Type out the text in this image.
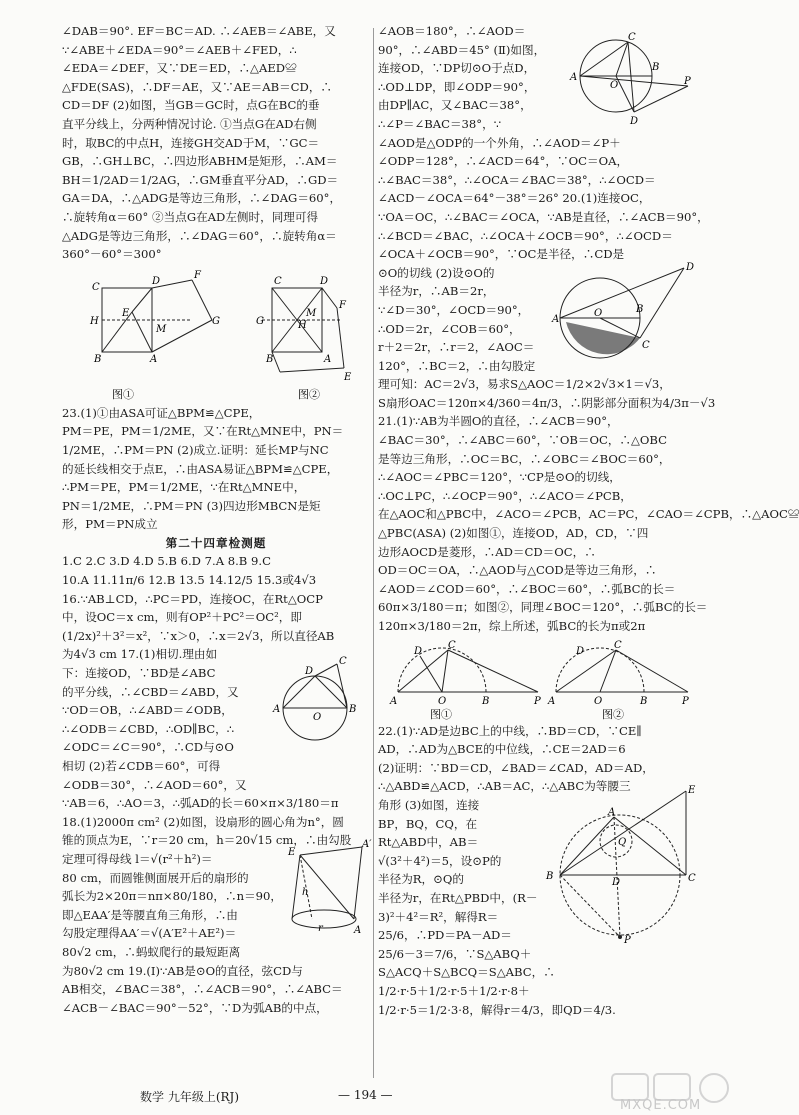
∠DAB＝90°. EF＝BC＝AD. ∴∠AEB＝∠ABE，又
∵∠ABE＋∠EDA＝90°＝∠AEB＋∠FED，∴
∠EDA＝∠DEF，又∵DE＝ED，∴△AED≌
△FDE(SAS)，∴DF＝AE，又∵AE＝AB＝CD，∴
CD＝DF (2)如图，当GB＝GC时，点G在BC的垂
直平分线上，分两种情况讨论. ①当点G在AD右侧
时，取BC的中点H，连接GH交AD于M，∵GC＝
GB，∴GH⊥BC，∴四边形ABHM是矩形，∴AM＝
BH＝1/2AD＝1/2AG，∴GM垂直平分AD，∴GD＝
GA＝DA，∴△ADG是等边三角形，∴∠DAG＝60°，
∴旋转角α＝60° ②当点G在AD左侧时，同理可得
△ADG是等边三角形，∴∠DAG＝60°，∴旋转角α＝
360°－60°＝300°
C
D
F
H
E
M
G
B	A
C	D
F
G
M
H
B	A
E
图①	图②
23.(1)①由ASA可证△BPM≌△CPE，
PM＝PE，PM＝1/2ME，又∵在Rt△MNE中，PN＝
1/2ME，∴PM＝PN (2)成立.证明：延长MP与NC
的延长线相交于点E，∴由ASA易证△BPM≌△CPE，
∴PM＝PE，PM＝1/2ME，∵在Rt△MNE中，
PN＝1/2ME，∴PM＝PN (3)四边形MBCN是矩
形，PM＝PN成立
第二十四章检测题
1.C 2.C 3.D 4.D 5.B 6.D 7.A 8.B 9.C
10.A 11.11π/6 12.B 13.5 14.12/5 15.3或4√3
16.∵AB⊥CD，∴PC＝PD，连接OC，在Rt△OCP
中，设OC＝x cm，则有OP²＋PC²＝OC²，即
(1/2x)²＋3²＝x²，∵x＞0，∴x＝2√3，所以直径AB
为4√3 cm 17.(1)相切.理由如
下：连接OD，∵BD是∠ABC
的平分线，∴∠CBD＝∠ABD，又
∵OD＝OB，∴∠ABD＝∠ODB，
∴∠ODB＝∠CBD，∴OD∥BC，∴
∠ODC＝∠C＝90°，∴CD与⊙O
相切 (2)若∠CDB＝60°，可得
∠ODB＝30°，∴∠AOD＝60°，又
∵AB＝6，∴AO＝3，∴弧AD的长＝60×π×3/180＝π
D
C
A	B
O
18.(1)2000π cm² (2)如图，设扇形的圆心角为n°，圆
锥的顶点为E，∵r＝20 cm，h＝20√15 cm，∴由勾股
定理可得母线 l＝√(r²＋h²)＝
80 cm，而圆锥侧面展开后的扇形的
弧长为2×20π＝nπ×80/180，∴n＝90，
即△EAA′是等腰直角三角形，∴由
勾股定理得AA′＝√(A′E²＋AE²)＝
80√2 cm，∴蚂蚁爬行的最短距离
为80√2 cm 19.(Ⅰ)∵AB是⊙O的直径，弦CD与
AB相交，∠BAC＝38°，∴∠ACB＝90°，∴∠ABC＝
∠ACB－∠BAC＝90°－52°，∵D为弧AB的中点，
E
A′
h
r	A
∠AOB＝180°，∴∠AOD＝
90°，∴∠ABD＝45° (Ⅱ)如图，
连接OD，∵DP切⊙O于点D，
∴OD⊥DP，即∠ODP＝90°，
由DP∥AC，又∠BAC＝38°，
∴∠P＝∠BAC＝38°，∵
∠AOD是△ODP的一个外角，∴∠AOD＝∠P＋
∠ODP＝128°，∴∠ACD＝64°，∵OC＝OA，
∴∠BAC＝38°，∴∠OCA＝∠BAC＝38°，∴∠OCD＝
∠ACD－∠OCA＝64°－38°＝26° 20.(1)连接OC，
∵OA＝OC，∴∠BAC＝∠OCA，∵AB是直径，∴∠ACB＝90°，
∴∠BCD＝∠BAC，∴∠OCA＋∠OCB＝90°，∴∠OCD＝
∠OCA＋∠OCB＝90°，∵OC是半径，∴CD是
C
A
O
B
P
D
⊙O的切线 (2)设⊙O的
半径为r，∴AB＝2r，
∵∠D＝30°，∠OCD＝90°，
∴OD＝2r，∠COB＝60°，
r＋2＝2r，∴r＝2，∠AOC＝
120°，∴BC＝2，∴由勾股定
D
O	B
C
A
理可知：AC＝2√3，易求S△AOC＝1/2×2√3×1＝√3，
S扇形OAC＝120π×4/360＝4π/3，∴阴影部分面积为4/3π－√3
21.(1)∵AB为半圆O的直径，∴∠ACB＝90°，
∠BAC＝30°，∴∠ABC＝60°，∵OB＝OC，∴△OBC
是等边三角形，∴OC＝BC，∴∠OBC＝∠BOC＝60°，
∴∠AOC＝∠PBC＝120°，∵CP是⊙O的切线，
∴OC⊥PC，∴∠OCP＝90°，∴∠ACO＝∠PCB，
在△AOC和△PBC中，∠ACO＝∠PCB，AC＝PC，∠CAO＝∠CPB，∴△AOC≌
△PBC(ASA) (2)如图①，连接OD，AD，CD，∵四
边形AOCD是菱形，∴AD＝CD＝OC，∴
OD＝OC＝OA，∴△AOD与△COD是等边三角形，∴
∠AOD＝∠COD＝60°，∴∠BOC＝60°，∴弧BC的长＝
60π×3/180＝π；如图②，同理∠BOC＝120°，∴弧BC的长＝
120π×3/180＝2π，综上所述，弧BC的长为π或2π
A	O	B	P
C
D
A	O	B	P
C
D
图①	图②
22.(1)∵AD是边BC上的中线，∴BD＝CD，∵CE∥
AD，∴AD为△BCE的中位线，∴CE＝2AD＝6
(2)证明：∵BD＝CD，∠BAD＝∠CAD，AD＝AD，
∴△ABD≌△ACD，∴AB＝AC，∴△ABC为等腰三
角形 (3)如图，连接
BP，BQ，CQ，在
Rt△ABD中，AB＝
√(3²＋4²)＝5，设⊙P的
半径为R，⊙Q的
半径为r，在Rt△PBD中，(R－
3)²＋4²＝R²，解得R＝
25/6，∴PD＝PA－AD＝
25/6－3＝7/6，∵S△ABQ＋
S△ACQ＋S△BCQ＝S△ABC，∴
1/2·r·5＋1/2·r·5＋1/2·r·8＋
1/2·r·5＝1/2·3·8，解得r＝4/3，即QD＝4/3.
E
A
B	C
Q
D
P
数学 九年级上(RJ)	— 194 —
MXQE.COM
